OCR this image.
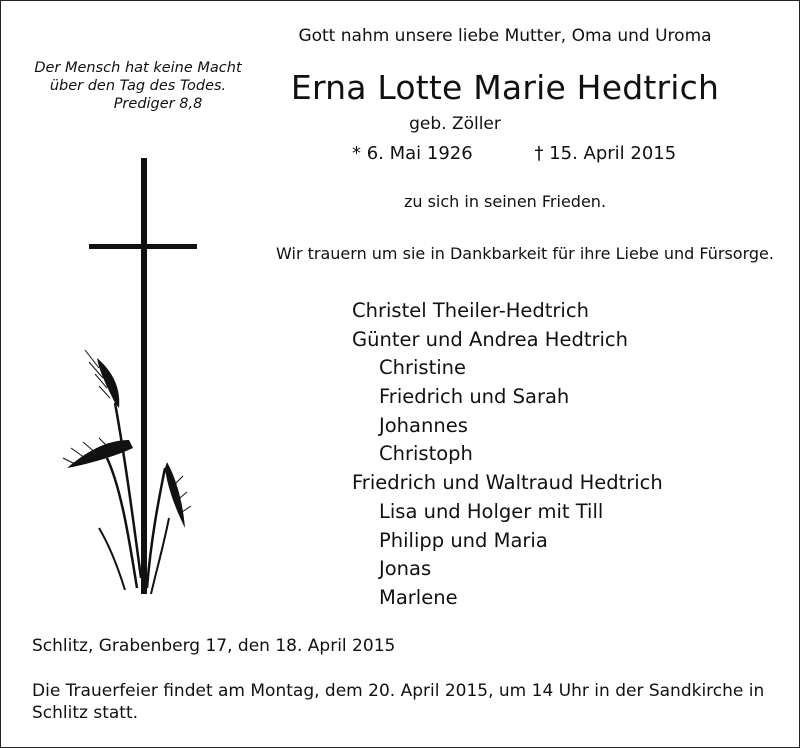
Gott nahm unsere liebe Mutter, Oma und Uroma
Der Mensch hat keine Macht
über den Tag des Todes.

Prediger 8,8	Erna Lotte Marie Hedtrich
geb. Zöller
* 6. Mai 1926	† 15. April 2015
zu sich in seinen Frieden.
Wir trauern um sie in Dankbarkeit für ihre Liebe und Fürsorge.
Christel Theiler-Hedtrich
Günter und Andrea Hedtrich
Christine
Friedrich und Sarah
Johannes
Christoph
Friedrich und Waltraud Hedtrich
Lisa und Holger mit Till
Philipp und Maria
Jonas
Marlene
Schlitz, Grabenberg 17, den 18. April 2015
Die Trauerfeier findet am Montag, dem 20. April 2015, um 14 Uhr in der Sandkirche in Schlitz statt.
